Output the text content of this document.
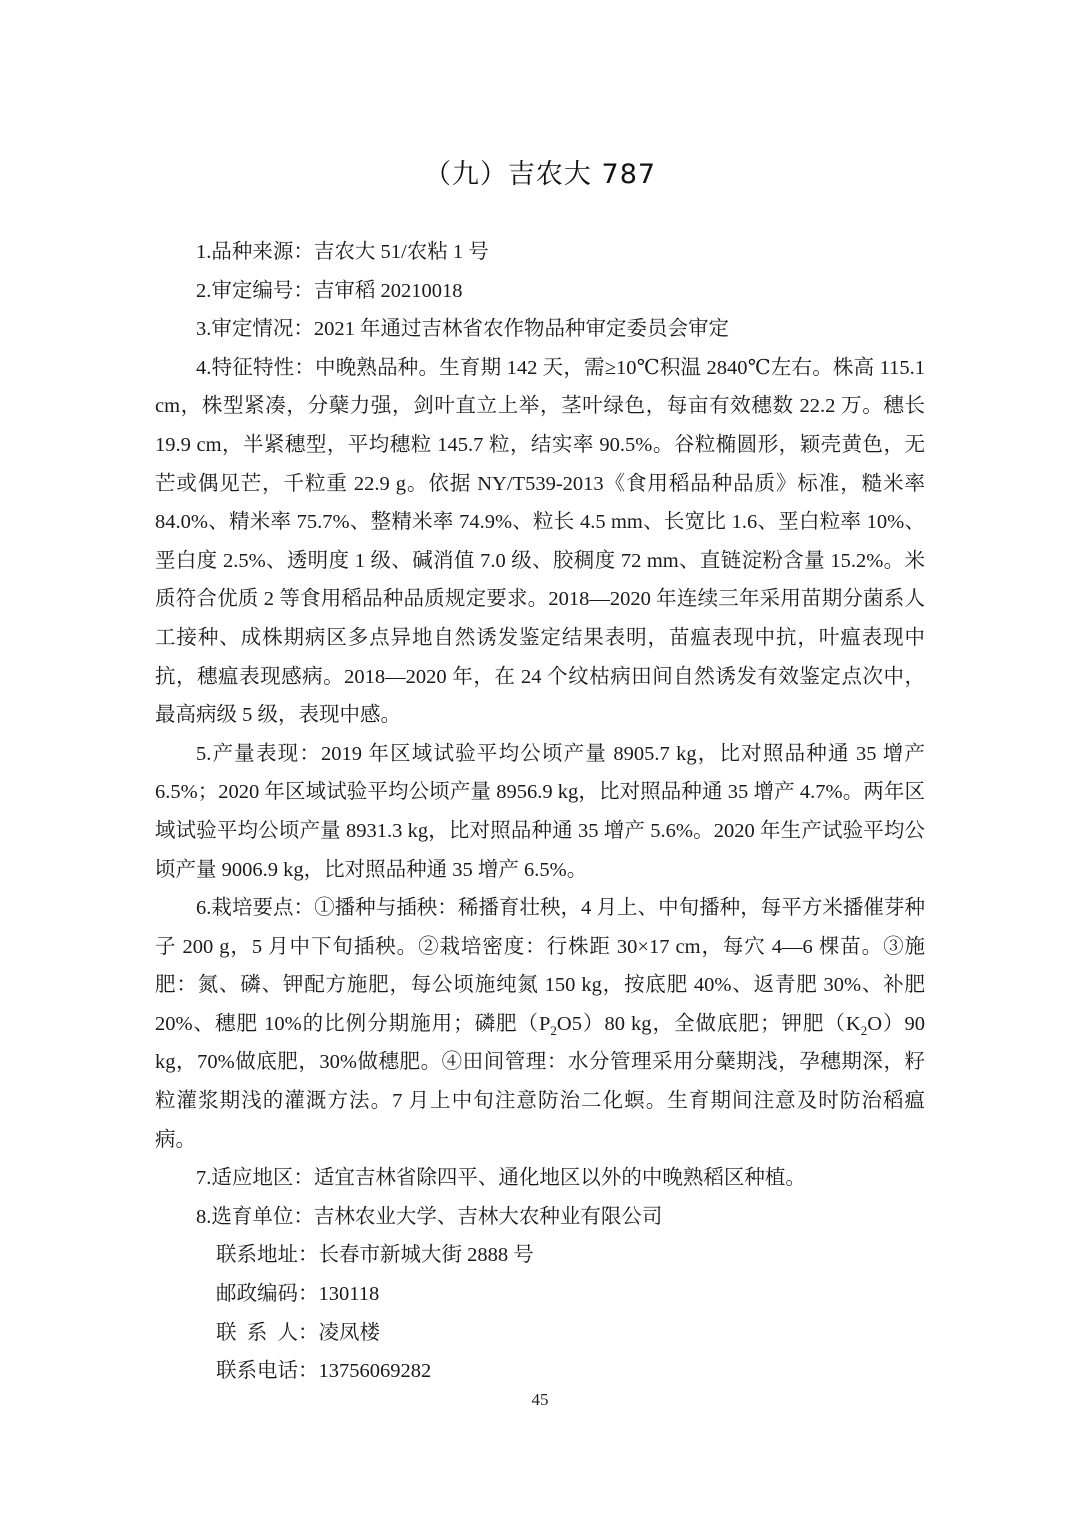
（九）吉农大 787

1.品种来源：吉农大 51/农粘 1 号

2.审定编号：吉审稻 20210018

3.审定情况：2021 年通过吉林省农作物品种审定委员会审定

4.特征特性：中晚熟品种。生育期 142 天，需≥10℃积温 2840℃左右。株高 115.1 cm，株型紧凑，分蘖力强，剑叶直立上举，茎叶绿色，每亩有效穗数 22.2 万。穗长 19.9 cm，半紧穗型，平均穗粒 145.7 粒，结实率 90.5%。谷粒椭圆形，颖壳黄色，无芒或偶见芒，千粒重 22.9 g。依据 NY/T539-2013《食用稻品种品质》标准，糙米率 84.0%、精米率 75.7%、整精米率 74.9%、粒长 4.5 mm、长宽比 1.6、垩白粒率 10%、垩白度 2.5%、透明度 1 级、碱消值 7.0 级、胶稠度 72 mm、直链淀粉含量 15.2%。米质符合优质 2 等食用稻品种品质规定要求。2018—2020 年连续三年采用苗期分菌系人工接种、成株期病区多点异地自然诱发鉴定结果表明，苗瘟表现中抗，叶瘟表现中抗，穗瘟表现感病。2018—2020 年，在 24 个纹枯病田间自然诱发有效鉴定点次中，最高病级 5 级，表现中感。

5.产量表现：2019 年区域试验平均公顷产量 8905.7 kg，比对照品种通 35 增产 6.5%；2020 年区域试验平均公顷产量 8956.9 kg，比对照品种通 35 增产 4.7%。两年区域试验平均公顷产量 8931.3 kg，比对照品种通 35 增产 5.6%。2020 年生产试验平均公顷产量 9006.9 kg，比对照品种通 35 增产 6.5%。

6.栽培要点：①播种与插秧：稀播育壮秧，4 月上、中旬播种，每平方米播催芽种子 200 g，5 月中下旬插秧。②栽培密度：行株距 30×17 cm，每穴 4—6 棵苗。③施肥：氮、磷、钾配方施肥，每公顷施纯氮 150 kg，按底肥 40%、返青肥 30%、补肥 20%、穗肥 10%的比例分期施用；磷肥$(P_2O5)80$ kg，全做底肥；钾肥$(K_2O)90$ kg，70%做底肥，30%做穗肥。④田间管理：水分管理采用分蘖期浅，孕穗期深，籽粒灌浆期浅的灌溉方法。7 月上中旬注意防治二化螟。生育期间注意及时防治稻瘟病。

7.适应地区：适宜吉林省除四平、通化地区以外的中晚熟稻区种植。

8.选育单位：吉林农业大学、吉林大农种业有限公司

联系地址：长春市新城大街 2888 号

邮政编码：130118

联  系  人：凌凤楼

联系电话：13756069282

45
